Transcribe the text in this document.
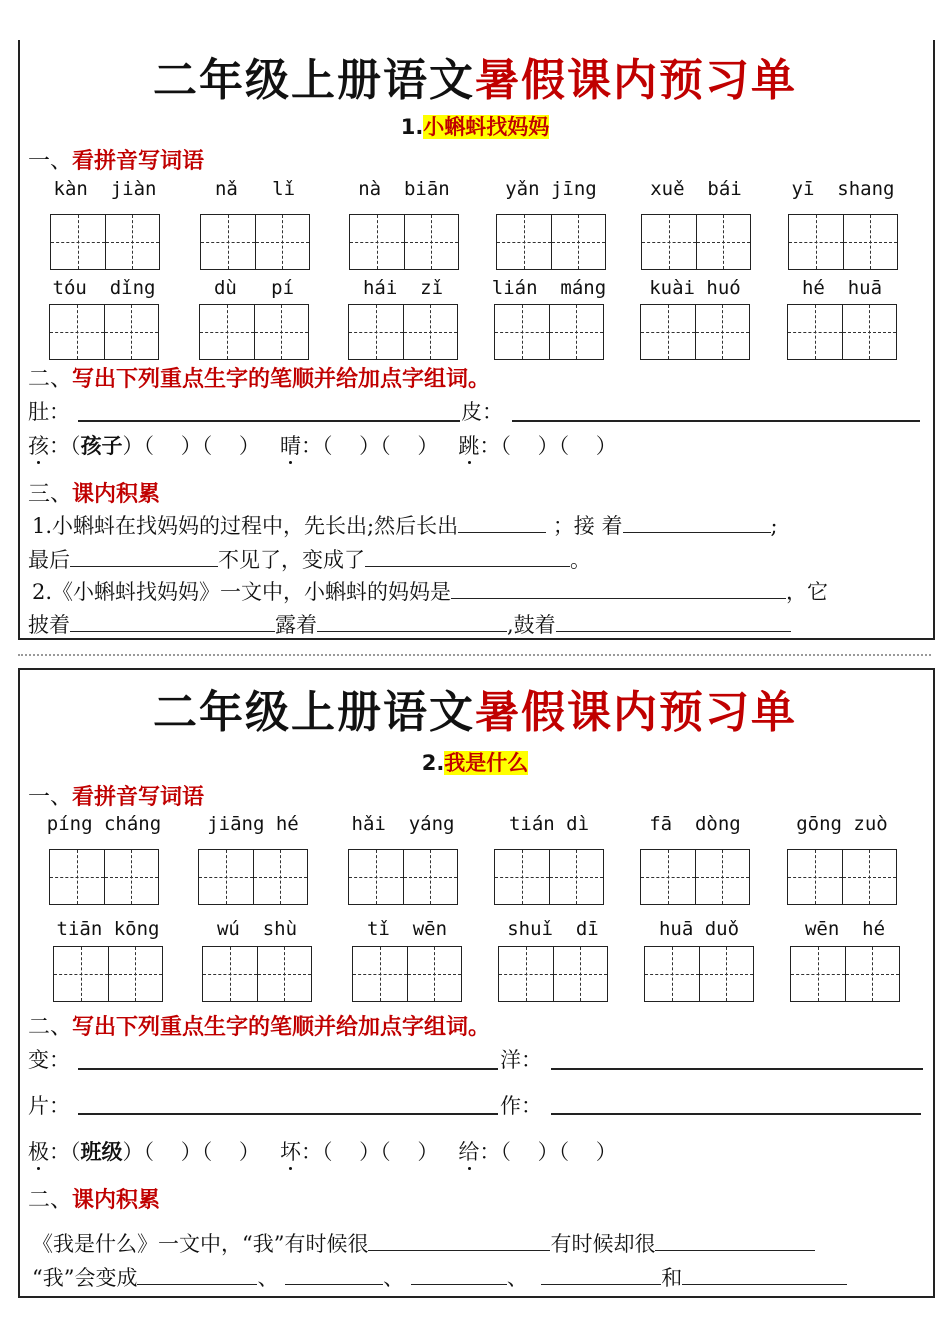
二年级上册语文暑假课内预习单
1.小蝌蚪找妈妈
一、看拼音写词语
kàn  jiàn	nǎ   lǐ	nà  biān	yǎn jīng	xuě  bái	yī  shang
tóu  dǐng	dù   pí	hái  zǐ	lián  máng	kuài huó	hé  huā
二、写出下列重点生字的笔顺并给加点字组词。
肚：	皮：
孩：（孩子）（ ）（ ） 晴：（ ）（ ） 跳：（ ）（ ）
三、课内积累
1.小蝌蚪在找妈妈的过程中，先长出;然后长出	；接 着	;
最后	不见了，变成了	。
2.《小蝌蚪找妈妈》一文中，小蝌蚪的妈妈是	，它
披着	露着	,鼓着
二年级上册语文暑假课内预习单
2.我是什么
一、看拼音写词语
píng cháng	jiāng hé	hǎi  yáng	tián dì	fā  dòng	gōng zuò
tiān kōng	wú  shù	tǐ  wēn	shuǐ  dī	huā duǒ	wēn  hé
二、写出下列重点生字的笔顺并给加点字组词。
变：	洋：
片：	作：
极：（班级）（ ）（ ） 坏：（ ）（ ） 给：（ ）（ ）
二、课内积累
《我是什么》一文中，“我”有时候很	有时候却很
“我”会变成	、	、	、	和
